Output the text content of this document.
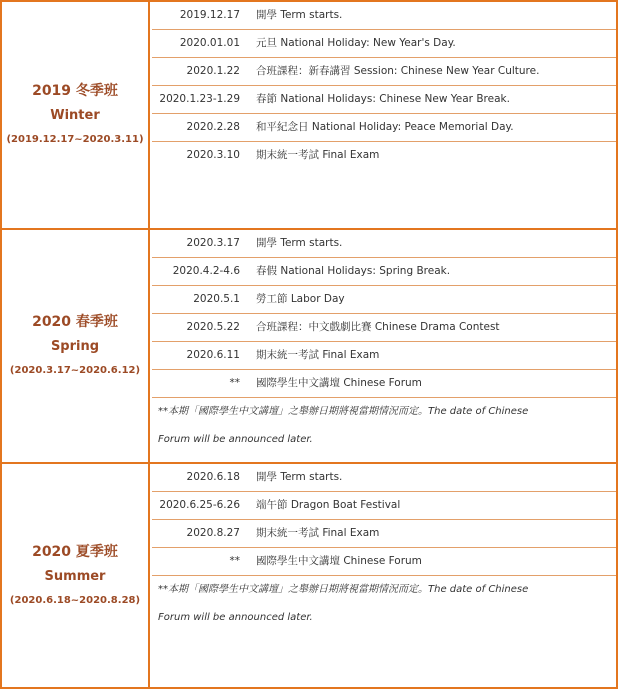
2019 冬季班
Winter
(2019.12.17~2020.3.11)
2019.12.17 開學 Term starts.
2020.01.01 元旦 National Holiday: New Year's Day.
2020.1.22 合班課程：新春講習 Session: Chinese New Year Culture.
2020.1.23-1.29 春節 National Holidays: Chinese New Year Break.
2020.2.28 和平紀念日 National Holiday: Peace Memorial Day.
2020.3.10 期末統一考試 Final Exam
2020 春季班
Spring
(2020.3.17~2020.6.12)
2020.3.17 開學 Term starts.
2020.4.2-4.6 春假 National Holidays: Spring Break.
2020.5.1 勞工節 Labor Day
2020.5.22 合班課程：中文戲劇比賽 Chinese Drama Contest
2020.6.11 期末統一考試 Final Exam
** 國際學生中文講壇 Chinese Forum
**本期「國際學生中文講壇」之舉辦日期將視當期情況而定。The date of Chinese
Forum will be announced later.
2020 夏季班
Summer
(2020.6.18~2020.8.28)
2020.6.18 開學 Term starts.
2020.6.25-6.26 端午節 Dragon Boat Festival
2020.8.27 期末統一考試 Final Exam
** 國際學生中文講壇 Chinese Forum
**本期「國際學生中文講壇」之舉辦日期將視當期情況而定。The date of Chinese
Forum will be announced later.
